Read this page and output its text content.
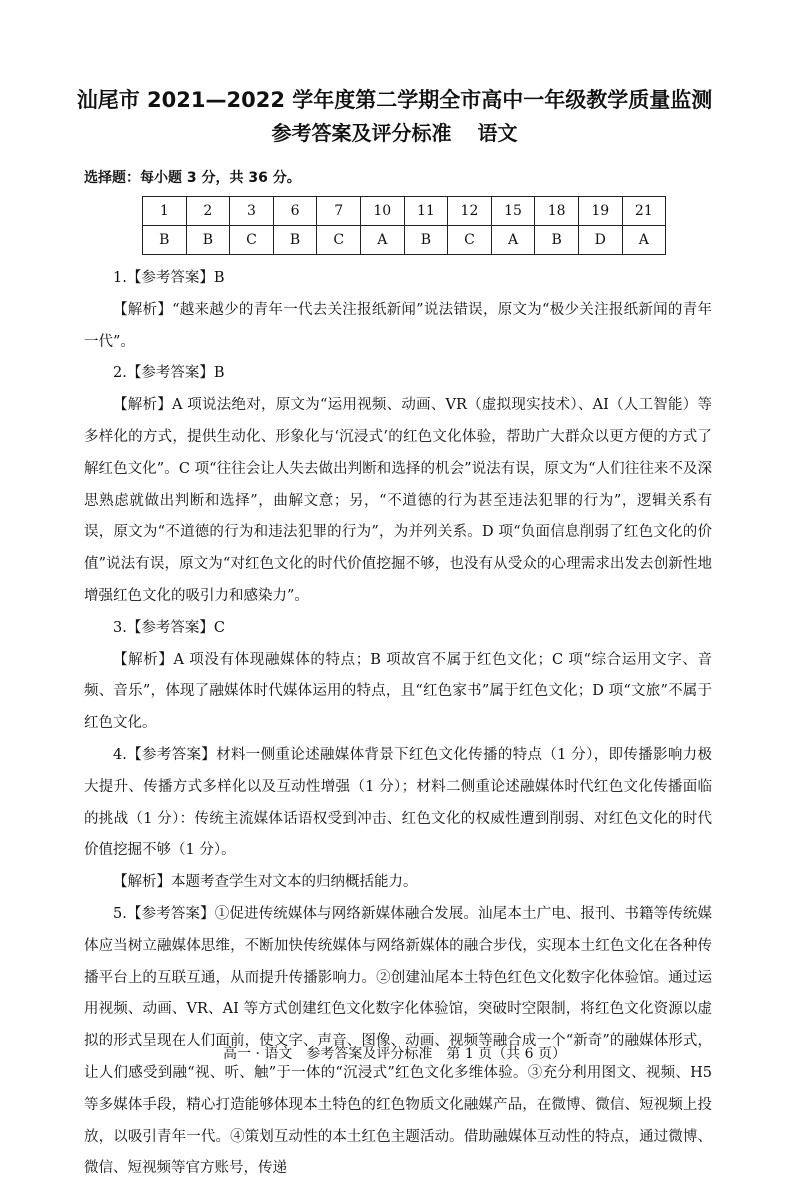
汕尾市 2021—2022 学年度第二学期全市高中一年级教学质量监测
参考答案及评分标准 语文
选择题：每小题 3 分，共 36 分。
1	2	3	6	7	10	11	12	15	18	19	21
B	B	C	B	C	A	B	C	A	B	D	A

1.【参考答案】B

【解析】“越来越少的青年一代去关注报纸新闻”说法错误，原文为“极少关注报纸新闻的青年一代”。

2.【参考答案】B

【解析】A 项说法绝对，原文为“运用视频、动画、VR（虚拟现实技术）、AI（人工智能）等多样化的方式，提供生动化、形象化与‘沉浸式’的红色文化体验，帮助广大群众以更方便的方式了解红色文化”。C 项“往往会让人失去做出判断和选择的机会”说法有误，原文为“人们往往来不及深思熟虑就做出判断和选择”，曲解文意；另，“不道德的行为甚至违法犯罪的行为”，逻辑关系有误，原文为“不道德的行为和违法犯罪的行为”，为并列关系。D 项“负面信息削弱了红色文化的价值”说法有误，原文为“对红色文化的时代价值挖掘不够，也没有从受众的心理需求出发去创新性地增强红色文化的吸引力和感染力”。

3.【参考答案】C

【解析】A 项没有体现融媒体的特点；B 项故宫不属于红色文化；C 项“综合运用文字、音频、音乐”，体现了融媒体时代媒体运用的特点，且“红色家书”属于红色文化；D 项“文旅”不属于红色文化。

4.【参考答案】材料一侧重论述融媒体背景下红色文化传播的特点（1 分），即传播影响力极大提升、传播方式多样化以及互动性增强（1 分）；材料二侧重论述融媒体时代红色文化传播面临的挑战（1 分）：传统主流媒体话语权受到冲击、红色文化的权威性遭到削弱、对红色文化的时代价值挖掘不够（1 分）。

【解析】本题考查学生对文本的归纳概括能力。

5.【参考答案】①促进传统媒体与网络新媒体融合发展。汕尾本土广电、报刊、书籍等传统媒体应当树立融媒体思维，不断加快传统媒体与网络新媒体的融合步伐，实现本土红色文化在各种传播平台上的互联互通，从而提升传播影响力。②创建汕尾本土特色红色文化数字化体验馆。通过运用视频、动画、VR、AI 等方式创建红色文化数字化体验馆，突破时空限制，将红色文化资源以虚拟的形式呈现在人们面前，使文字、声音、图像、动画、视频等融合成一个“新奇”的融媒体形式，让人们感受到融“视、听、触”于一体的“沉浸式”红色文化多维体验。③充分利用图文、视频、H5 等多媒体手段，精心打造能够体现本土特色的红色物质文化融媒产品，在微博、微信、短视频上投放，以吸引青年一代。④策划互动性的本土红色主题活动。借助融媒体互动性的特点，通过微博、微信、短视频等官方账号，传递

高一 · 语文　参考答案及评分标准　第 1 页（共 6 页）
